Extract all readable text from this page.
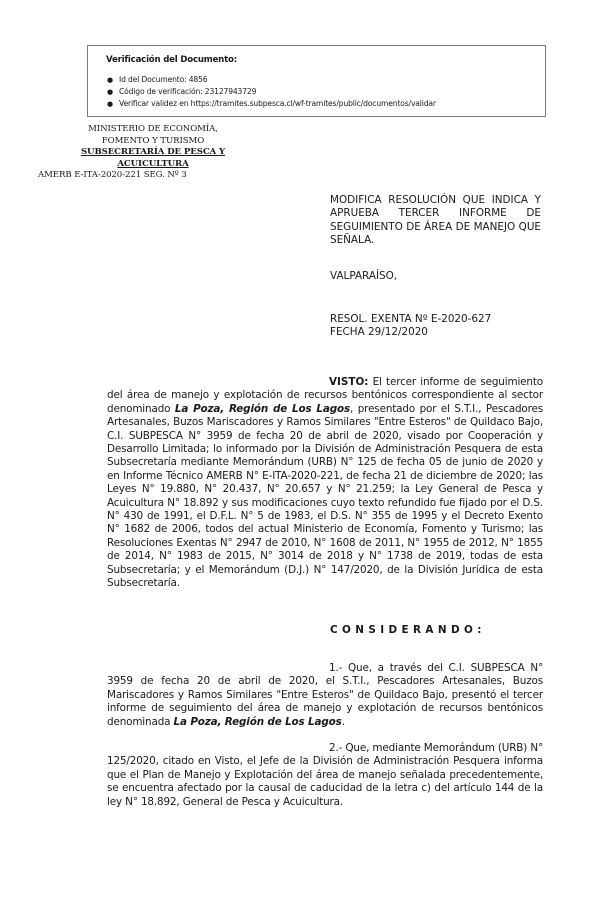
Verificación del Documento:
● Id del Documento: 4856
● Código de verificación: 23127943729
● Verificar validez en https://tramites.subpesca.cl/wf-tramites/public/documentos/validar
MINISTERIO DE ECONOMÍA,
FOMENTO Y TURISMO
SUBSECRETARÍA DE PESCA Y
ACUICULTURA
AMERB E-ITA-2020-221 SEG. Nº 3
MODIFICA RESOLUCIÓN QUE INDICA Y APRUEBA TERCER INFORME DE SEGUIMIENTO DE ÁREA DE MANEJO QUE SEÑALA.
VALPARAÍSO,
RESOL. EXENTA Nº E-2020-627
FECHA 29/12/2020
VISTO: El tercer informe de seguimiento del área de manejo y explotación de recursos bentónicos correspondiente al sector denominado La Poza, Región de Los Lagos, presentado por el S.T.I., Pescadores Artesanales, Buzos Mariscadores y Ramos Similares "Entre Esteros" de Quildaco Bajo, C.I. SUBPESCA N° 3959 de fecha 20 de abril de 2020, visado por Cooperación y Desarrollo Limitada; lo informado por la División de Administración Pesquera de esta Subsecretaría mediante Memorándum (URB) N° 125 de fecha 05 de junio de 2020 y en Informe Técnico AMERB N° E-ITA-2020-221, de fecha 21 de diciembre de 2020; las Leyes N° 19.880, N° 20.437, N° 20.657 y N° 21.259; la Ley General de Pesca y Acuicultura N° 18.892 y sus modificaciones cuyo texto refundido fue fijado por el D.S. N° 430 de 1991, el D.F.L. N° 5 de 1983, el D.S. N° 355 de 1995 y el Decreto Exento N° 1682 de 2006, todos del actual Ministerio de Economía, Fomento y Turismo; las Resoluciones Exentas N° 2947 de 2010, N° 1608 de 2011, N° 1955 de 2012, N° 1855 de 2014, N° 1983 de 2015, N° 3014 de 2018 y N° 1738 de 2019, todas de esta Subsecretaría; y el Memorándum (D.J.) N° 147/2020, de la División Jurídica de esta Subsecretaría.
CONSIDERANDO:
1.- Que, a través del C.I. SUBPESCA N° 3959 de fecha 20 de abril de 2020, el S.T.I., Pescadores Artesanales, Buzos Mariscadores y Ramos Similares "Entre Esteros" de Quildaco Bajo, presentó el tercer informe de seguimiento del área de manejo y explotación de recursos bentónicos denominada La Poza, Región de Los Lagos.
2.- Que, mediante Memorándum (URB) N° 125/2020, citado en Visto, el Jefe de la División de Administración Pesquera informa que el Plan de Manejo y Explotación del área de manejo señalada precedentemente, se encuentra afectado por la causal de caducidad de la letra c) del artículo 144 de la ley N° 18.892, General de Pesca y Acuicultura.
